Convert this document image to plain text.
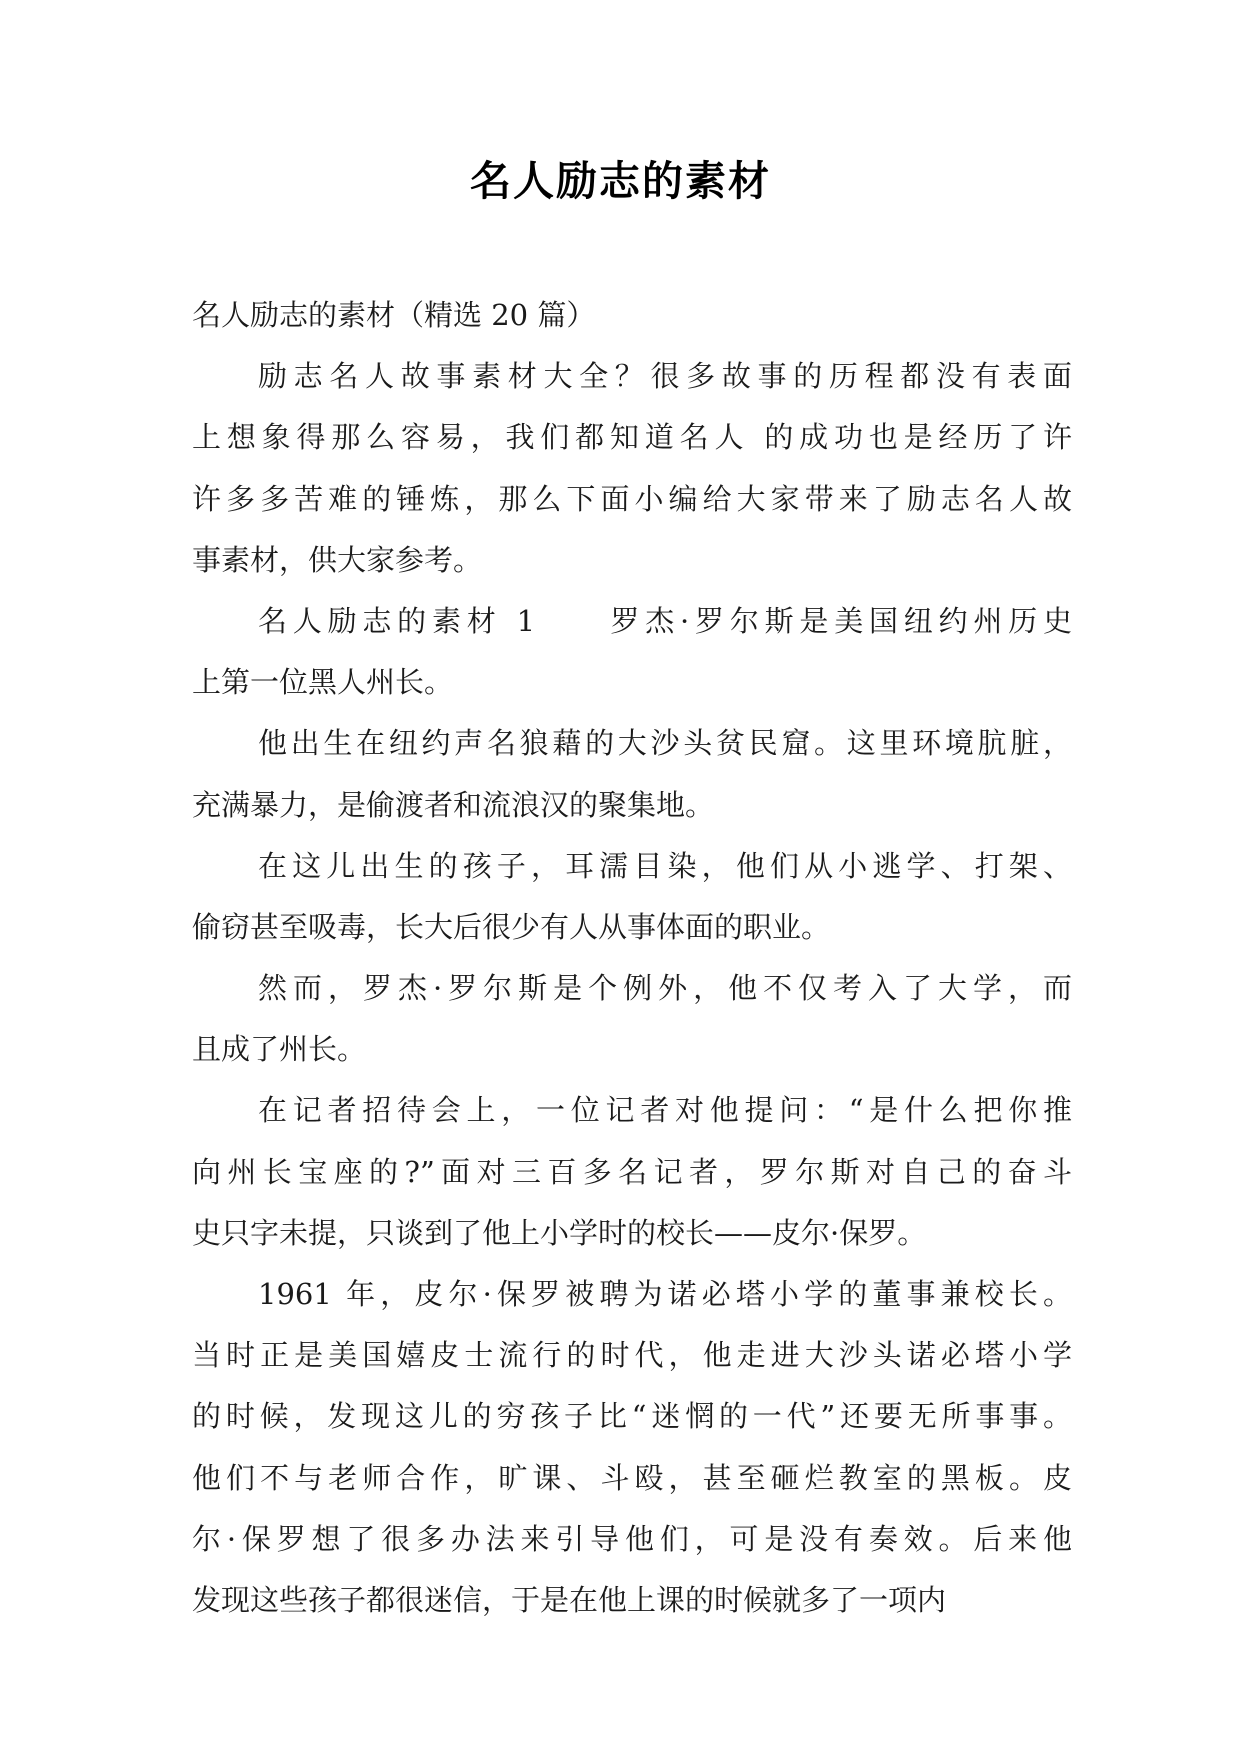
名人励志的素材
名人励志的素材（精选 20 篇）
励志名人故事素材大全？很多故事的历程都没有表面
上想象得那么容易，我们都知道名人 的成功也是经历了许
许多多苦难的锤炼，那么下面小编给大家带来了励志名人故
事素材，供大家参考。
名人励志的素材 1　　罗杰·罗尔斯是美国纽约州历史
上第一位黑人州长。
他出生在纽约声名狼藉的大沙头贫民窟。这里环境肮脏，
充满暴力，是偷渡者和流浪汉的聚集地。
在这儿出生的孩子，耳濡目染，他们从小逃学、打架、
偷窃甚至吸毒，长大后很少有人从事体面的职业。
然而，罗杰·罗尔斯是个例外，他不仅考入了大学，而
且成了州长。
在记者招待会上，一位记者对他提问：“是什么把你推
向州长宝座的?”面对三百多名记者，罗尔斯对自己的奋斗
史只字未提，只谈到了他上小学时的校长——皮尔·保罗。
1961 年，皮尔·保罗被聘为诺必塔小学的董事兼校长。
当时正是美国嬉皮士流行的时代，他走进大沙头诺必塔小学
的时候，发现这儿的穷孩子比“迷惘的一代”还要无所事事。
他们不与老师合作，旷课、斗殴，甚至砸烂教室的黑板。皮
尔·保罗想了很多办法来引导他们，可是没有奏效。后来他
发现这些孩子都很迷信，于是在他上课的时候就多了一项内
